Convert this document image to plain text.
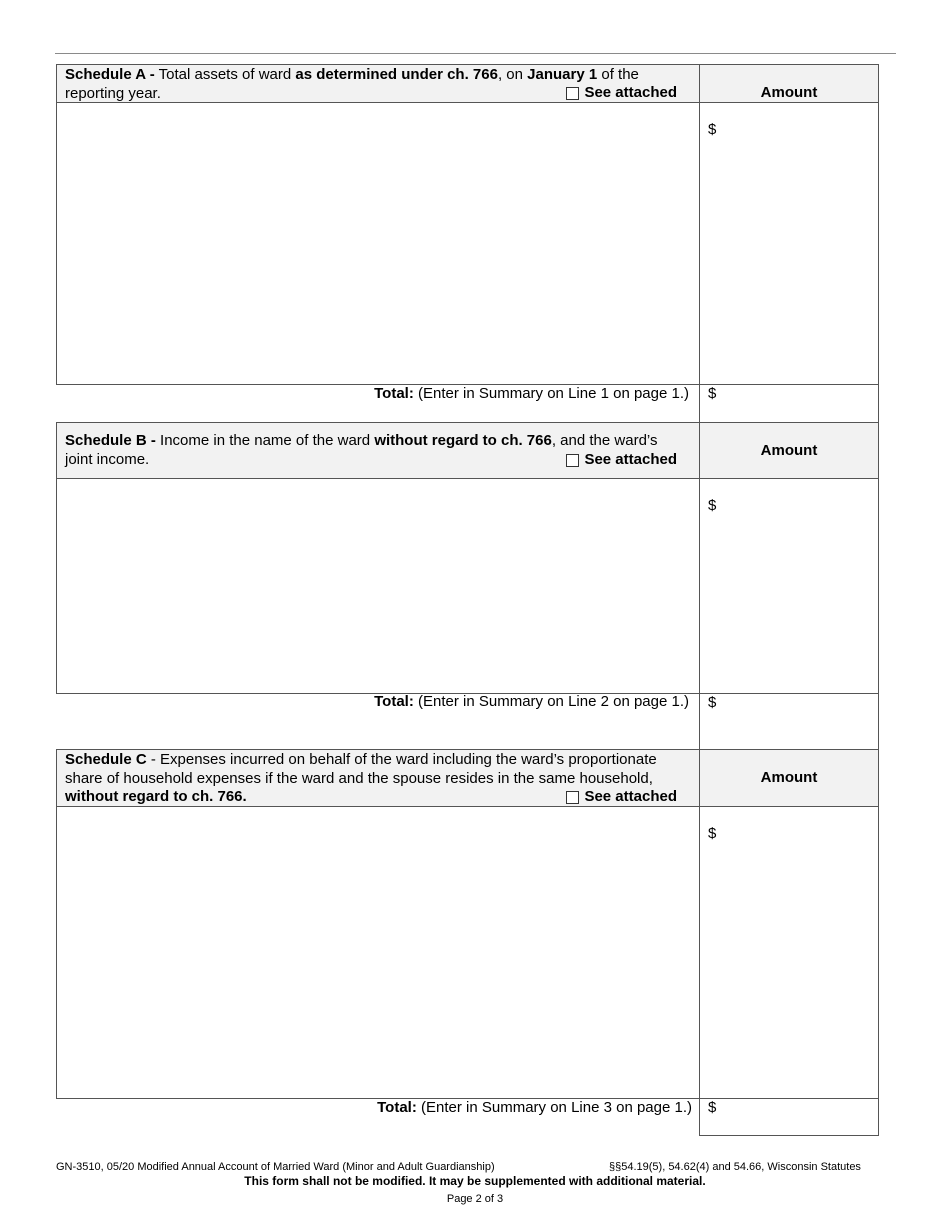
Schedule A - Total assets of ward as determined under ch. 766, on January 1 of the
reporting year.	See attached	Amount
$
Total: (Enter in Summary on Line 1 on page 1.) $
Schedule B - Income in the name of the ward without regard to ch. 766, and the ward’s
joint income.	See attached
Amount
$
Total: (Enter in Summary on Line 2 on page 1.) $
Schedule C - Expenses incurred on behalf of the ward including the ward’s proportionate
share of household expenses if the ward and the spouse resides in the same household,
without regard to ch. 766.	See attached
Amount
$
Total: (Enter in Summary on Line 3 on page 1.) $
GN-3510, 05/20 Modified Annual Account of Married Ward (Minor and Adult Guardianship)	§§54.19(5), 54.62(4) and 54.66, Wisconsin Statutes
This form shall not be modified. It may be supplemented with additional material.
Page 2 of 3
